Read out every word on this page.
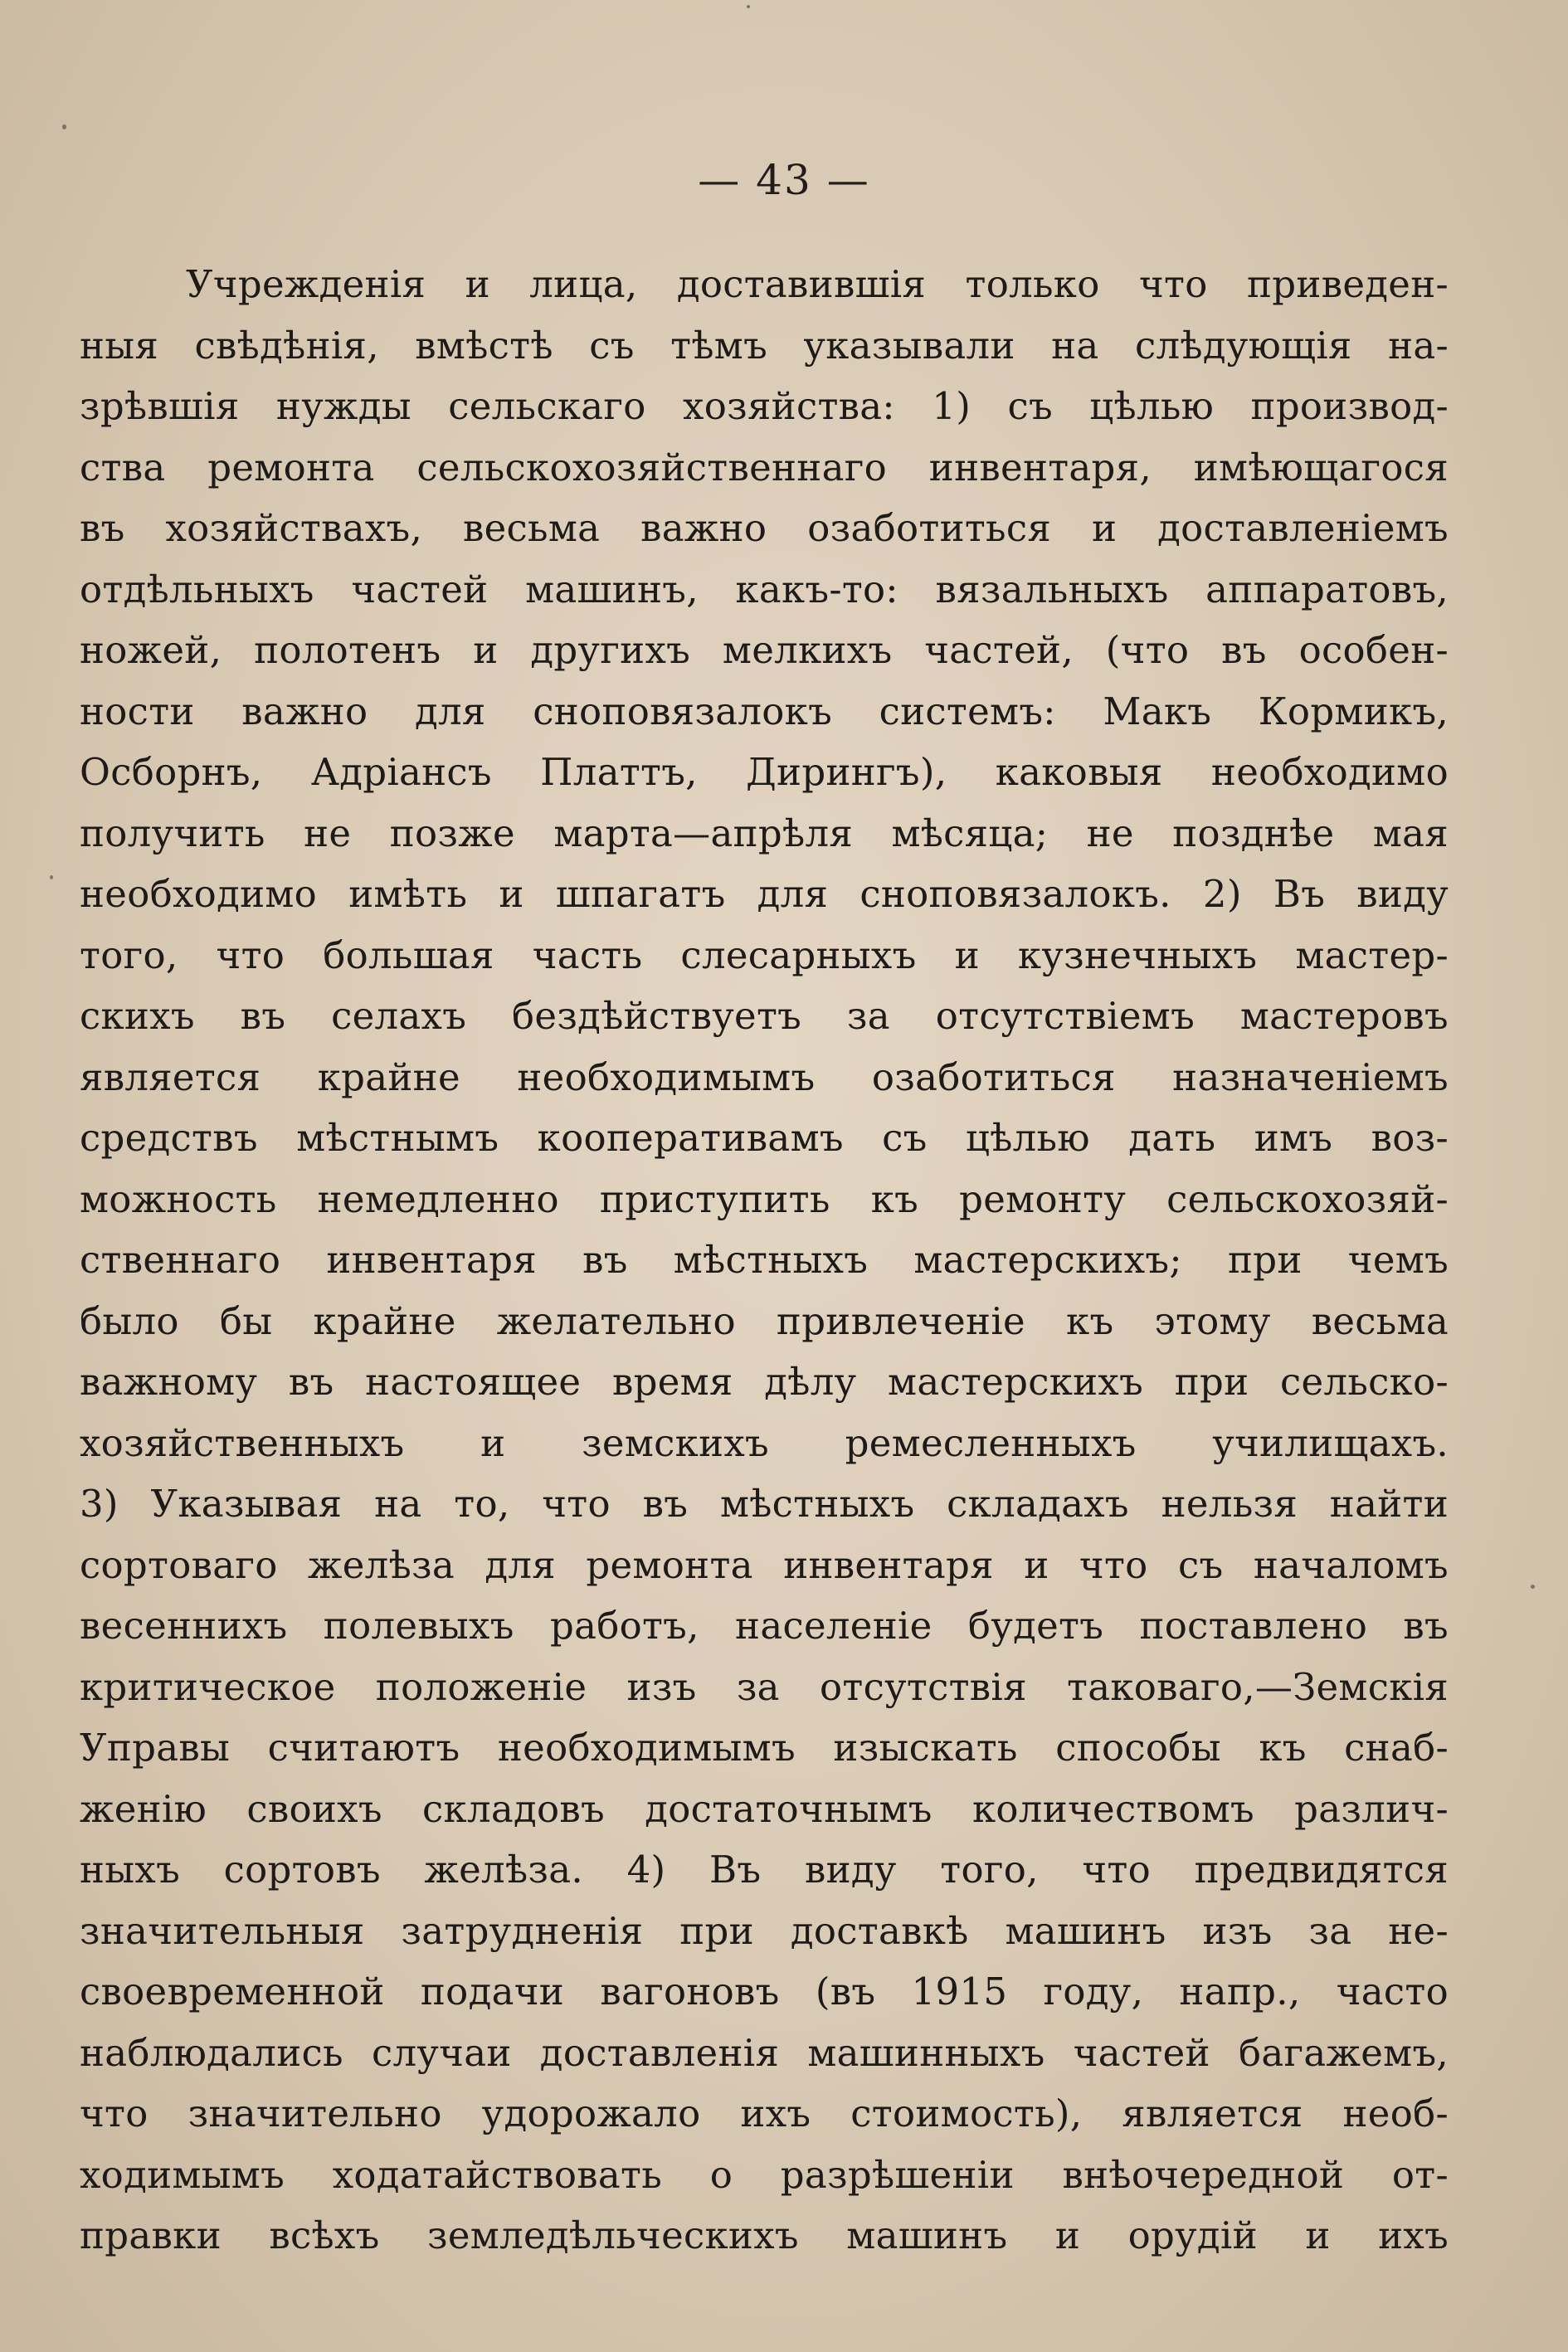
— 43 —
Учрежденія и лица, доставившія только что приведен-
ныя свѣдѣнія, вмѣстѣ съ тѣмъ указывали на слѣдующія на-
зрѣвшія нужды сельскаго хозяйства: 1) съ цѣлью производ-
ства ремонта сельскохозяйственнаго инвентаря, имѣющагося
въ хозяйствахъ, весьма важно озаботиться и доставленіемъ
отдѣльныхъ частей машинъ, какъ-то: вязальныхъ аппаратовъ,
ножей, полотенъ и другихъ мелкихъ частей, (что въ особен-
ности важно для сноповязалокъ системъ: Макъ Кормикъ,
Осборнъ, Адріансъ Платтъ, Дирингъ), каковыя необходимо
получить не позже марта—апрѣля мѣсяца; не позднѣе мая
необходимо имѣть и шпагатъ для сноповязалокъ. 2) Въ виду
того, что большая часть слесарныхъ и кузнечныхъ мастер-
скихъ въ селахъ бездѣйствуетъ за отсутствіемъ мастеровъ
является крайне необходимымъ озаботиться назначеніемъ
средствъ мѣстнымъ кооперативамъ съ цѣлью дать имъ воз-
можность немедленно приступить къ ремонту сельскохозяй-
ственнаго инвентаря въ мѣстныхъ мастерскихъ; при чемъ
было бы крайне желательно привлеченіе къ этому весьма
важному въ настоящее время дѣлу мастерскихъ при сельско-
хозяйственныхъ и земскихъ ремесленныхъ училищахъ.
3) Указывая на то, что въ мѣстныхъ складахъ нельзя найти
сортоваго желѣза для ремонта инвентаря и что съ началомъ
весеннихъ полевыхъ работъ, населеніе будетъ поставлено въ
критическое положеніе изъ за отсутствія таковаго,—Земскія
Управы считаютъ необходимымъ изыскать способы къ снаб-
женію своихъ складовъ достаточнымъ количествомъ различ-
ныхъ сортовъ желѣза. 4) Въ виду того, что предвидятся
значительныя затрудненія при доставкѣ машинъ изъ за не-
своевременной подачи вагоновъ (въ 1915 году, напр., часто
наблюдались случаи доставленія машинныхъ частей багажемъ,
что значительно удорожало ихъ стоимость), является необ-
ходимымъ ходатайствовать о разрѣшеніи внѣочередной от-
правки всѣхъ земледѣльческихъ машинъ и орудій и ихъ
